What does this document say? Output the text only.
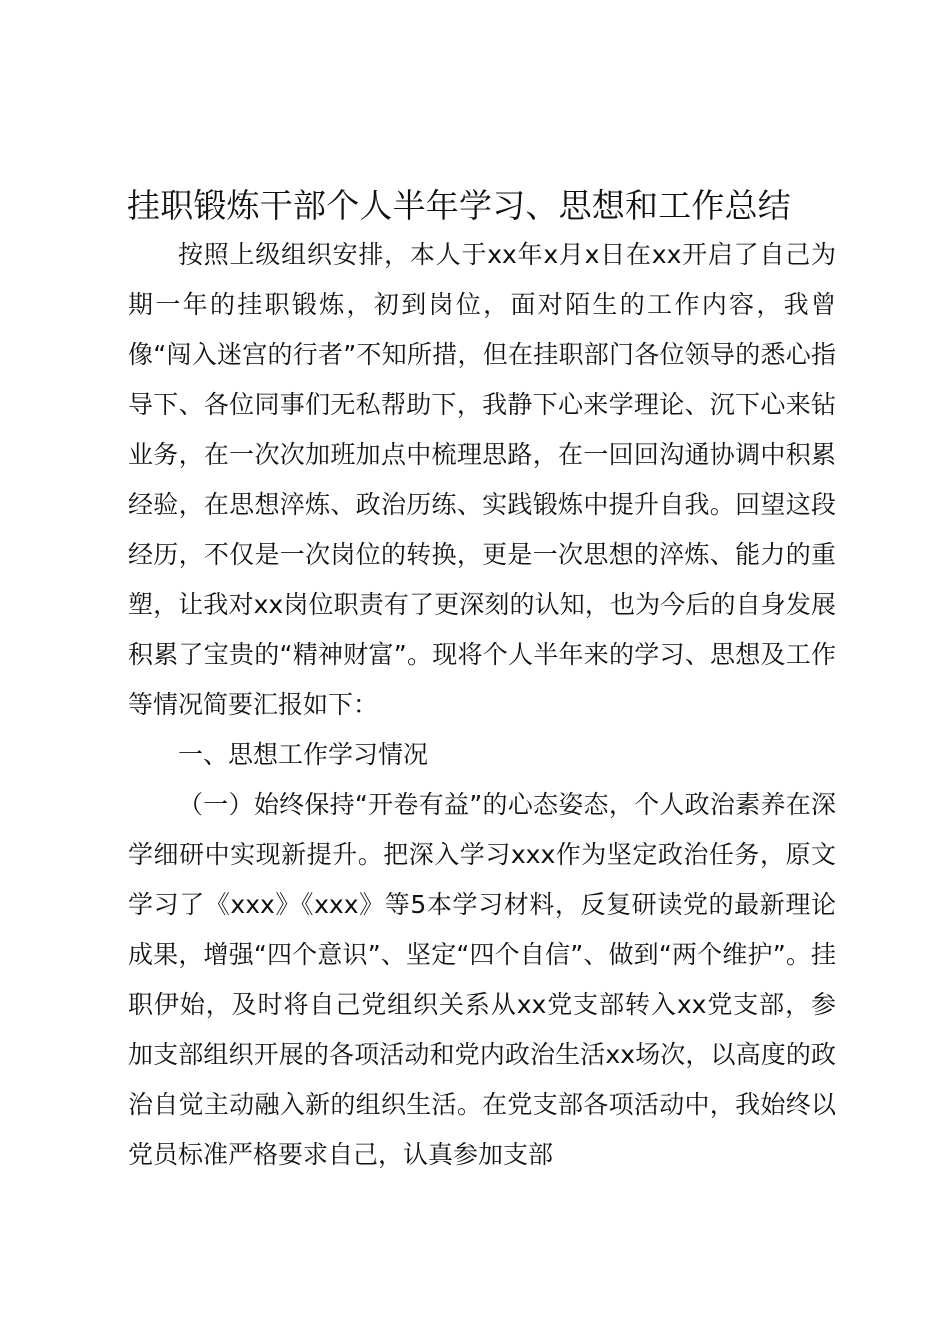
挂职锻炼干部个人半年学习、思想和工作总结

按照上级组织安排，本人于xx年x月x日在xx开启了自己为期一年的挂职锻炼，初到岗位，面对陌生的工作内容，我曾像“闯入迷宫的行者”不知所措，但在挂职部门各位领导的悉心指导下、各位同事们无私帮助下，我静下心来学理论、沉下心来钻业务，在一次次加班加点中梳理思路，在一回回沟通协调中积累经验，在思想淬炼、政治历练、实践锻炼中提升自我。回望这段经历，不仅是一次岗位的转换，更是一次思想的淬炼、能力的重塑，让我对xx岗位职责有了更深刻的认知，也为今后的自身发展积累了宝贵的“精神财富”。现将个人半年来的学习、思想及工作等情况简要汇报如下：

一、思想工作学习情况

（一）始终保持“开卷有益”的心态姿态，个人政治素养在深学细研中实现新提升。把深入学习xxx作为坚定政治任务，原文学习了《xxx》《xxx》等5本学习材料，反复研读党的最新理论成果，增强“四个意识”、坚定“四个自信”、做到“两个维护”。挂职伊始，及时将自己党组织关系从xx党支部转入xx党支部，参加支部组织开展的各项活动和党内政治生活xx场次，以高度的政治自觉主动融入新的组织生活。在党支部各项活动中，我始终以党员标准严格要求自己，认真参加支部
